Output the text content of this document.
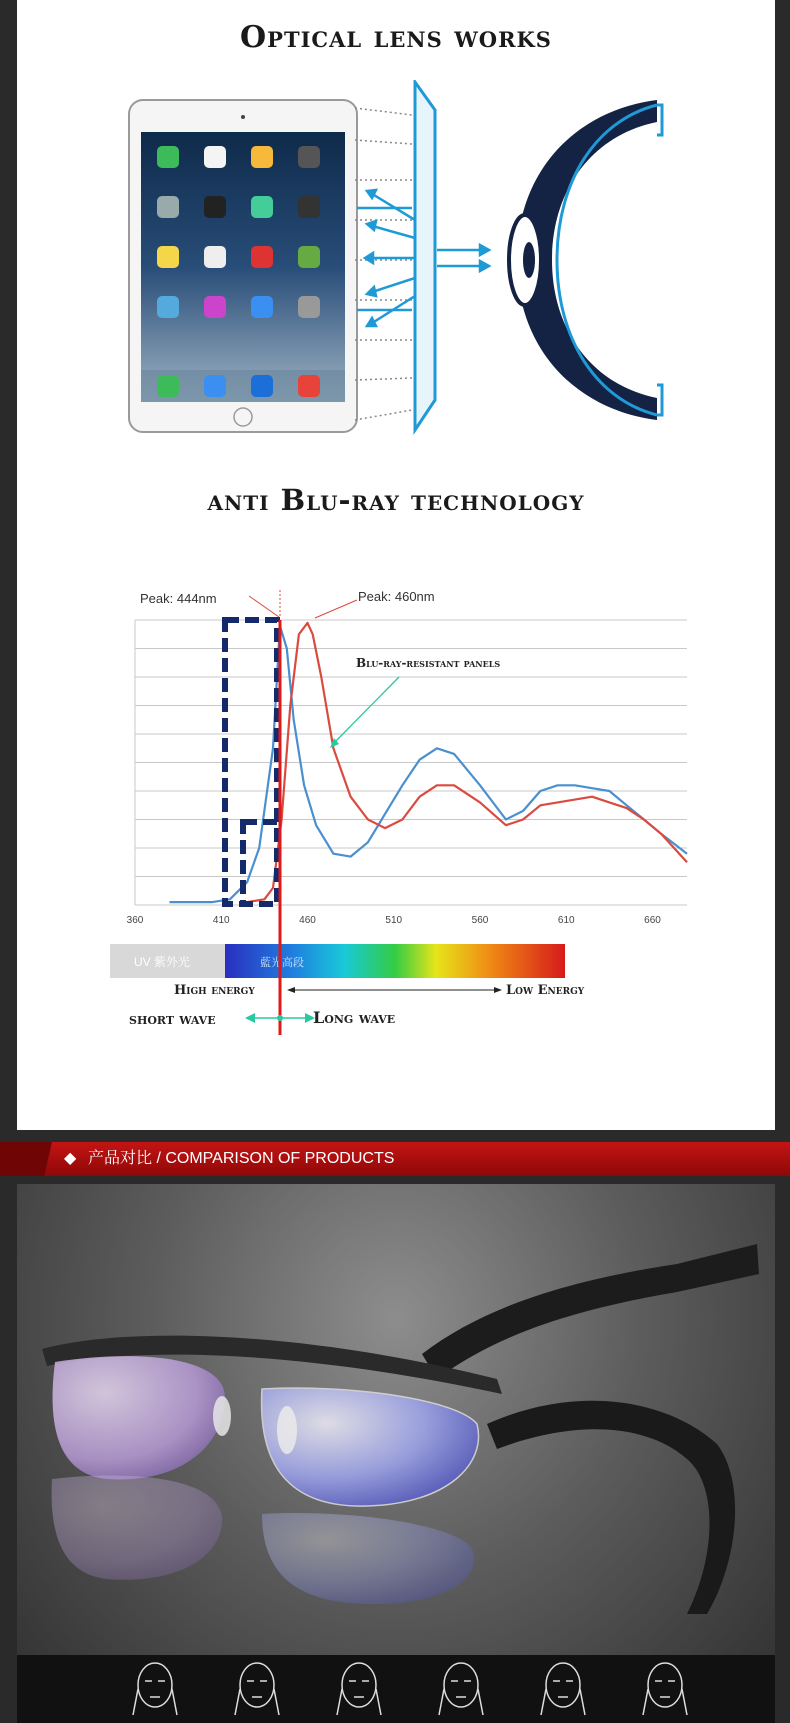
Optical lens works
anti Blu-ray technology
360	410	460	510	560	610	660
Peak: 444nm	Peak: 460nm
Blu-ray-resistant panels
UV 紫外光	藍光高段
High energy	Low Energy
short wave	Long wave
◆ 产品对比 / COMPARISON OF PRODUCTS
